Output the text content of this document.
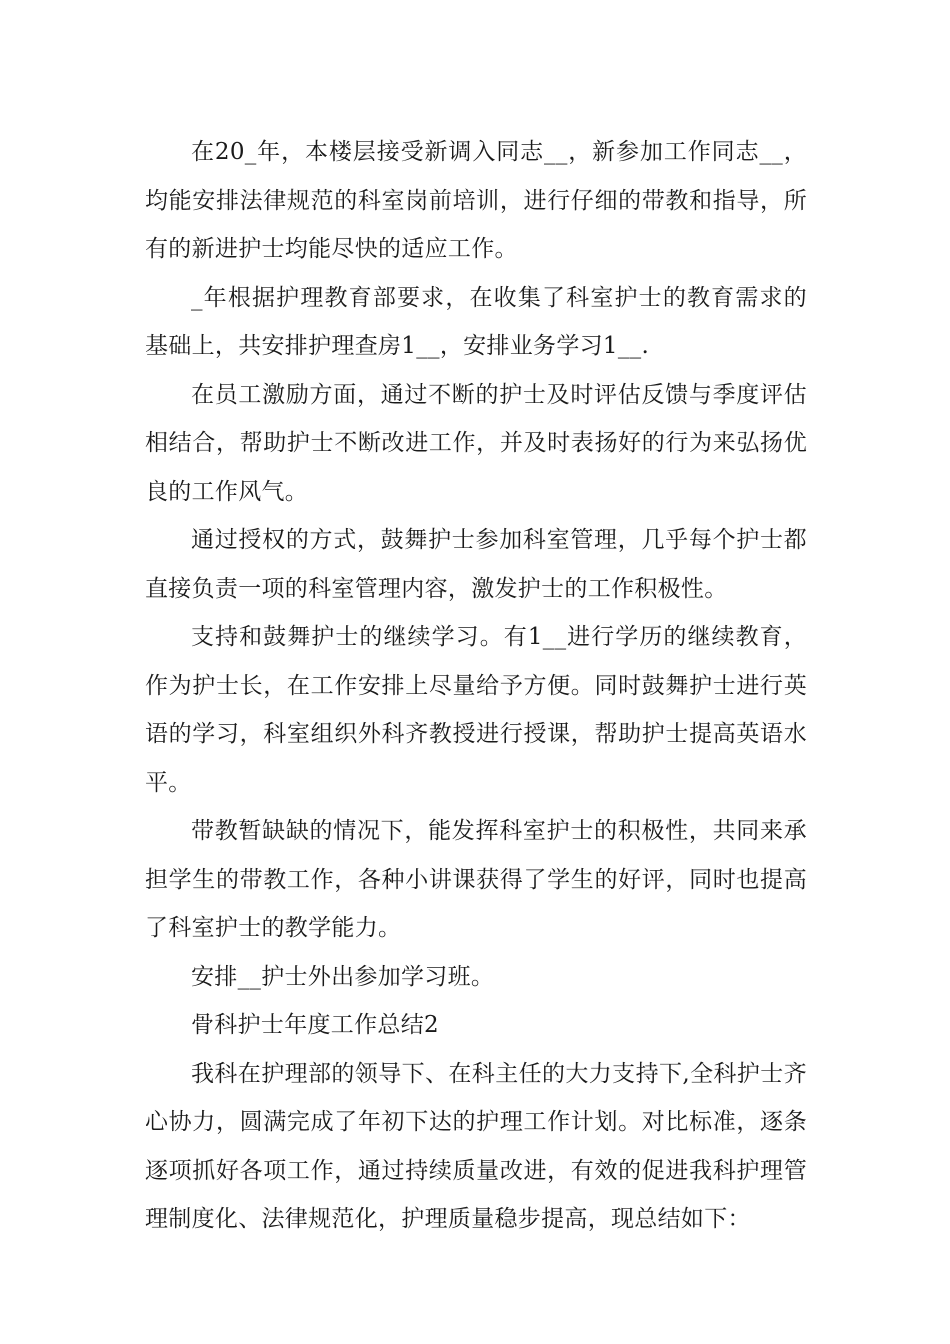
在20_年，本楼层接受新调入同志__，新参加工作同志__，均能安排法律规范的科室岗前培训，进行仔细的带教和指导，所有的新进护士均能尽快的适应工作。

_年根据护理教育部要求，在收集了科室护士的教育需求的基础上，共安排护理查房1__，安排业务学习1__.

在员工激励方面，通过不断的护士及时评估反馈与季度评估相结合，帮助护士不断改进工作，并及时表扬好的行为来弘扬优良的工作风气。

通过授权的方式，鼓舞护士参加科室管理，几乎每个护士都直接负责一项的科室管理内容，激发护士的工作积极性。

支持和鼓舞护士的继续学习。有1__进行学历的继续教育，作为护士长，在工作安排上尽量给予方便。同时鼓舞护士进行英语的学习，科室组织外科齐教授进行授课，帮助护士提高英语水平。

带教暂缺缺的情况下，能发挥科室护士的积极性，共同来承担学生的带教工作，各种小讲课获得了学生的好评，同时也提高了科室护士的教学能力。

安排__护士外出参加学习班。

骨科护士年度工作总结2

我科在护理部的领导下、在科主任的大力支持下,全科护士齐心协力，圆满完成了年初下达的护理工作计划。对比标准，逐条逐项抓好各项工作，通过持续质量改进，有效的促进我科护理管理制度化、法律规范化，护理质量稳步提高，现总结如下：
